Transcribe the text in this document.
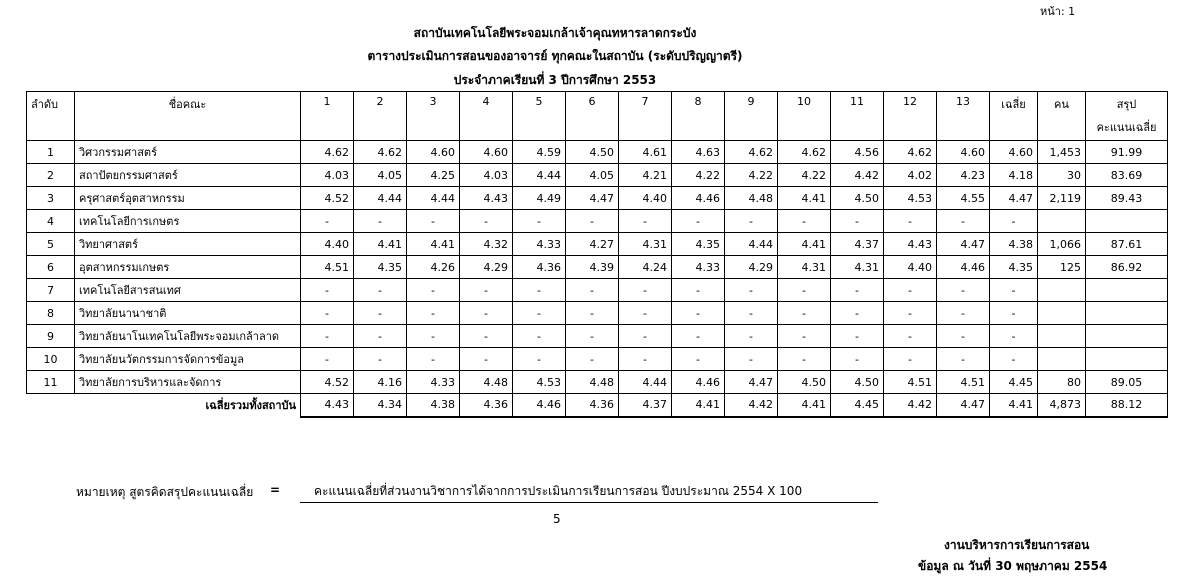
หน้า: 1
สถาบันเทคโนโลยีพระจอมเกล้าเจ้าคุณทหารลาดกระบัง
ตารางประเมินการสอนของอาจารย์ ทุกคณะในสถาบัน (ระดับปริญญาตรี)
ประจำภาคเรียนที่ 3 ปีการศึกษา 2553
ลำดับ	ชื่อคณะ	1	2	3	4	5	6	7	8	9	10	11	12	13	เฉลี่ย	คน	สรุป
คะแนนเฉลี่ย

1	วิศวกรรมศาสตร์	4.62	4.62	4.60	4.60	4.59	4.50	4.61	4.63	4.62	4.62	4.56	4.62	4.60	4.60	1,453	91.99
2	สถาปัตยกรรมศาสตร์	4.03	4.05	4.25	4.03	4.44	4.05	4.21	4.22	4.22	4.22	4.42	4.02	4.23	4.18	30	83.69
3	ครุศาสตร์อุตสาหกรรม	4.52	4.44	4.44	4.43	4.49	4.47	4.40	4.46	4.48	4.41	4.50	4.53	4.55	4.47	2,119	89.43
4	เทคโนโลยีการเกษตร	-	-	-	-	-	-	-	-	-	-	-	-	-	-		
5	วิทยาศาสตร์	4.40	4.41	4.41	4.32	4.33	4.27	4.31	4.35	4.44	4.41	4.37	4.43	4.47	4.38	1,066	87.61
6	อุตสาหกรรมเกษตร	4.51	4.35	4.26	4.29	4.36	4.39	4.24	4.33	4.29	4.31	4.31	4.40	4.46	4.35	125	86.92
7	เทคโนโลยีสารสนเทศ	-	-	-	-	-	-	-	-	-	-	-	-	-	-		
8	วิทยาลัยนานาชาติ	-	-	-	-	-	-	-	-	-	-	-	-	-	-		
9	วิทยาลัยนาโนเทคโนโลยีพระจอมเกล้าลาด	-	-	-	-	-	-	-	-	-	-	-	-	-	-		
10	วิทยาลัยนวัตกรรมการจัดการข้อมูล	-	-	-	-	-	-	-	-	-	-	-	-	-	-		
11	วิทยาลัยการบริหารและจัดการ	4.52	4.16	4.33	4.48	4.53	4.48	4.44	4.46	4.47	4.50	4.50	4.51	4.51	4.45	80	89.05
เฉลี่ยรวมทั้งสถาบัน		4.43	4.34	4.38	4.36	4.46	4.36	4.37	4.41	4.42	4.41	4.45	4.42	4.47	4.41	4,873	88.12
หมายเหตุ สูตรคิดสรุปคะแนนเฉลี่ย =	คะแนนเฉลี่ยที่ส่วนงานวิชาการได้จากการประเมินการเรียนการสอน ปีงบประมาณ 2554 X 100
5
งานบริหารการเรียนการสอน
ข้อมูล ณ วันที่ 30 พฤษภาคม 2554
